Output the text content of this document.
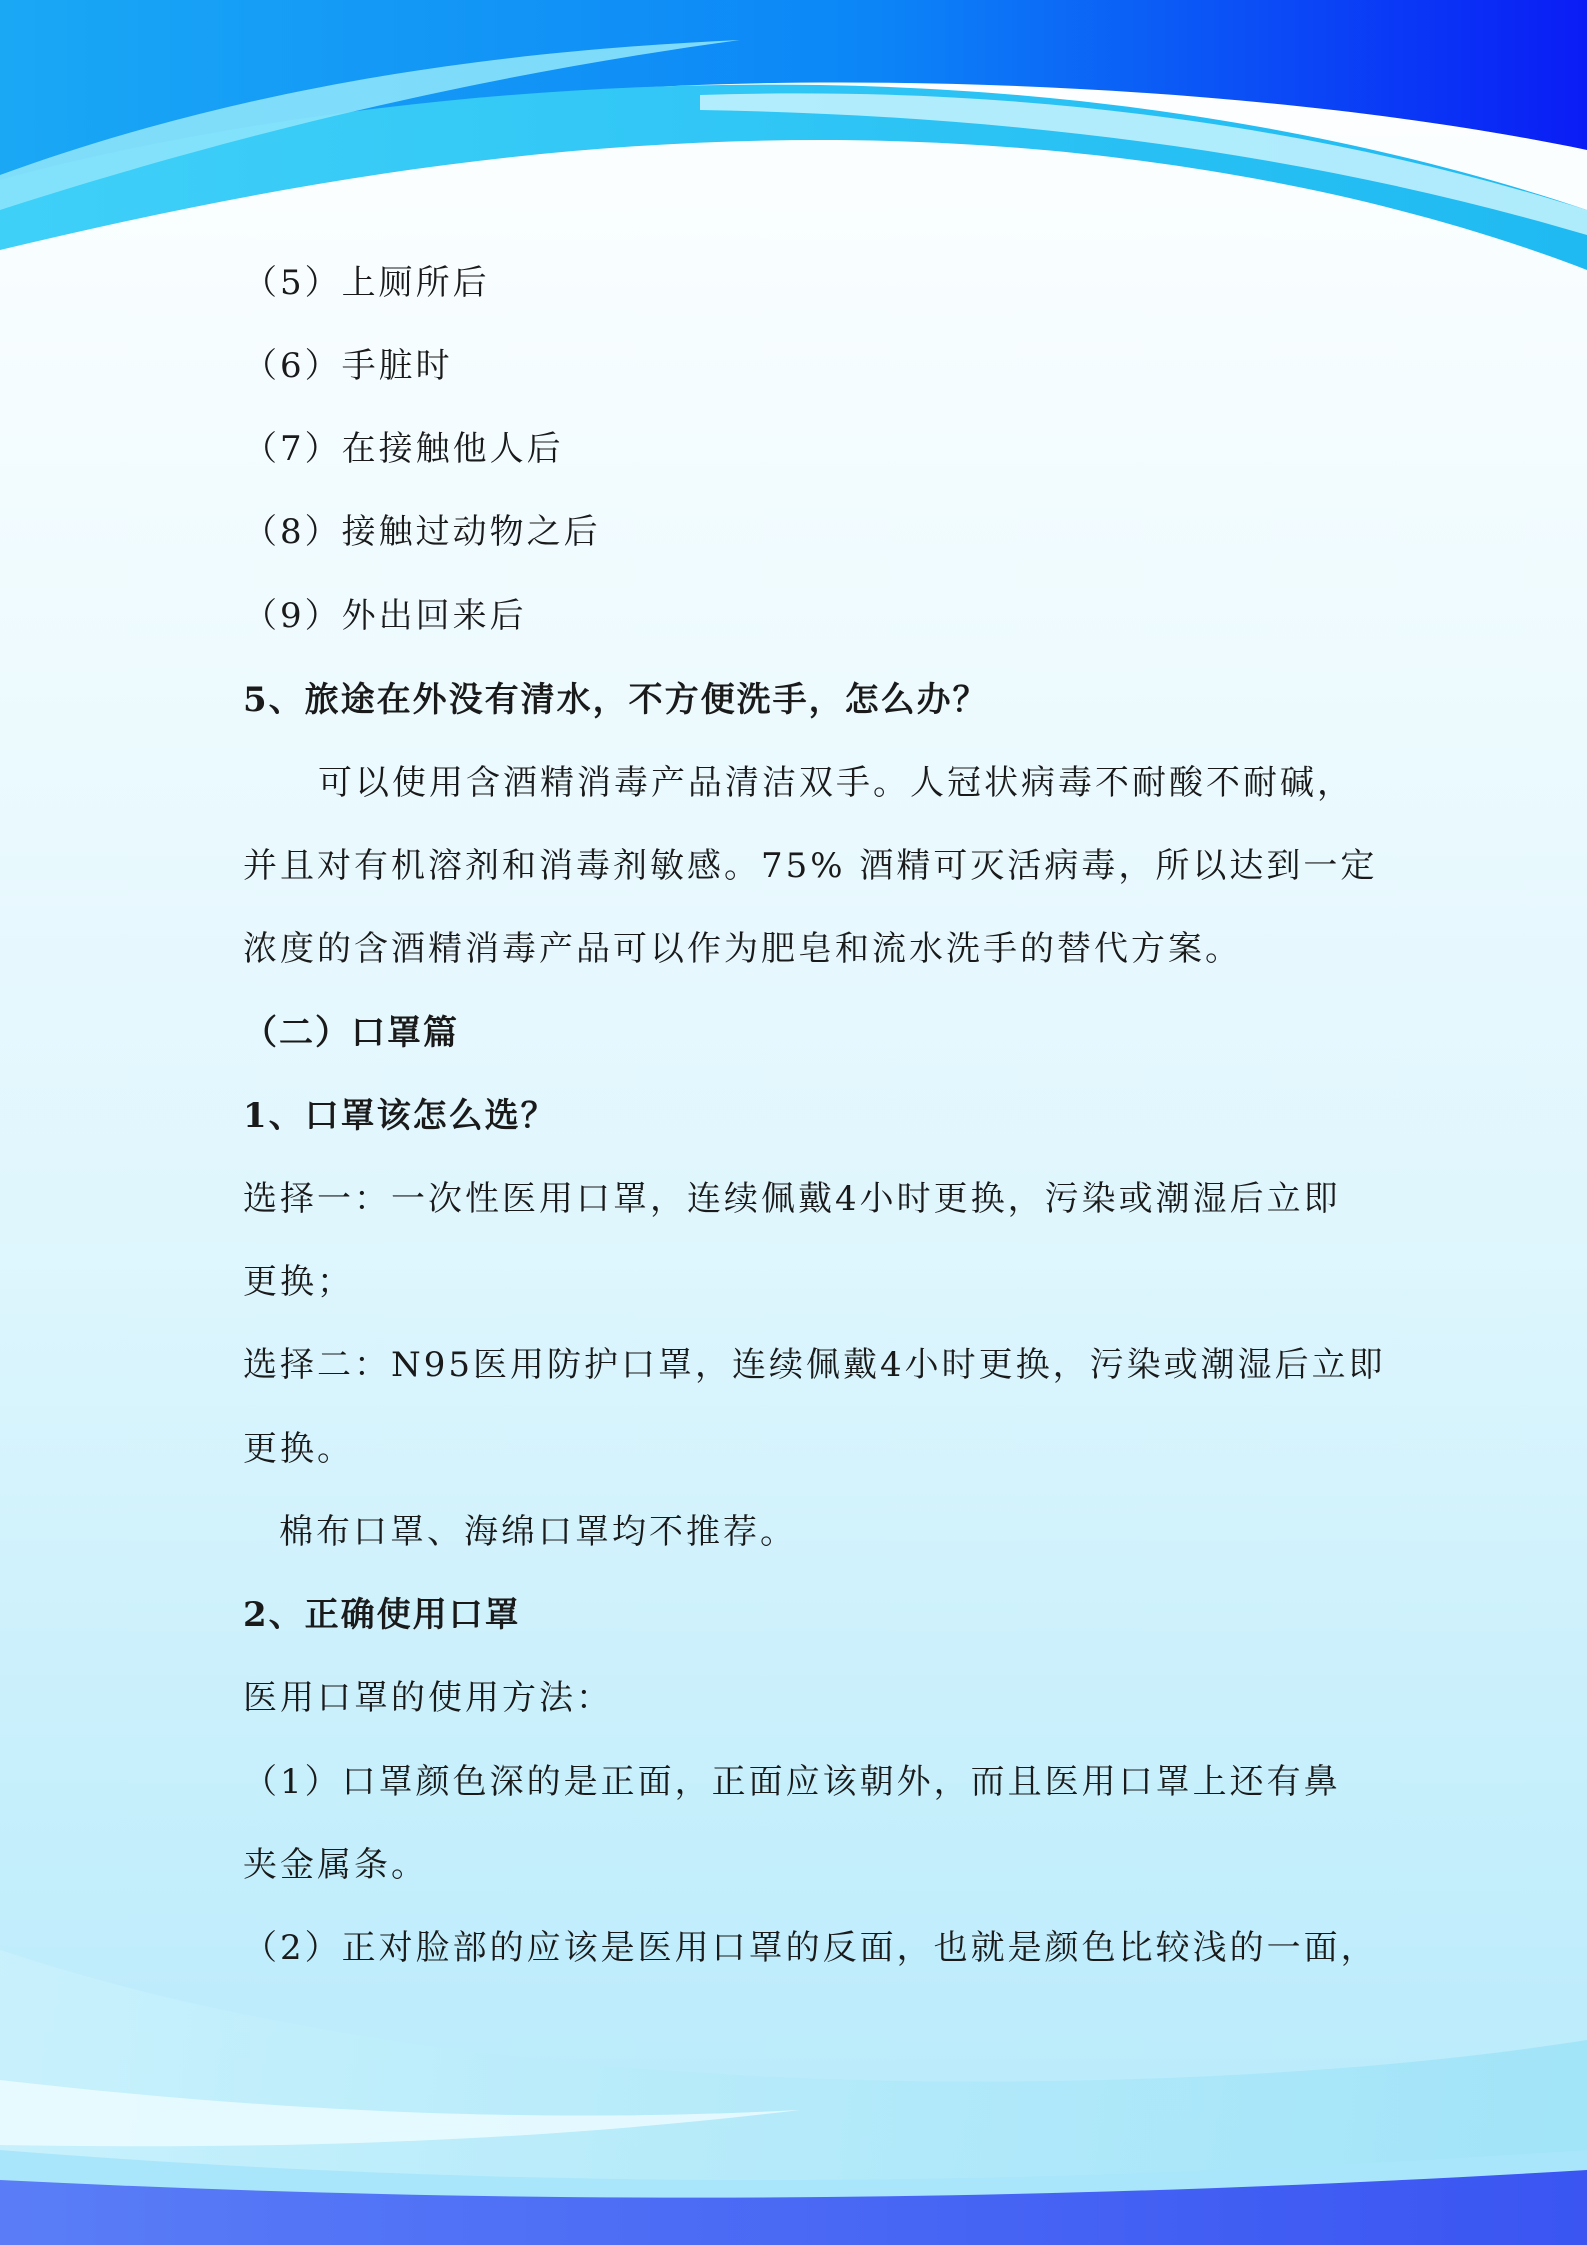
（5）上厕所后
（6）手脏时
（7）在接触他人后
（8）接触过动物之后
（9）外出回来后
5、旅途在外没有清水，不方便洗手，怎么办？
可以使用含酒精消毒产品清洁双手。人冠状病毒不耐酸不耐碱，
并且对有机溶剂和消毒剂敏感。75% 酒精可灭活病毒，所以达到一定
浓度的含酒精消毒产品可以作为肥皂和流水洗手的替代方案。
（二）口罩篇
1、口罩该怎么选？
选择一：一次性医用口罩，连续佩戴4小时更换，污染或潮湿后立即
更换；
选择二：N95医用防护口罩，连续佩戴4小时更换，污染或潮湿后立即
更换。
棉布口罩、海绵口罩均不推荐。
2、正确使用口罩
医用口罩的使用方法：
（1）口罩颜色深的是正面，正面应该朝外，而且医用口罩上还有鼻
夹金属条。
（2）正对脸部的应该是医用口罩的反面，也就是颜色比较浅的一面，
